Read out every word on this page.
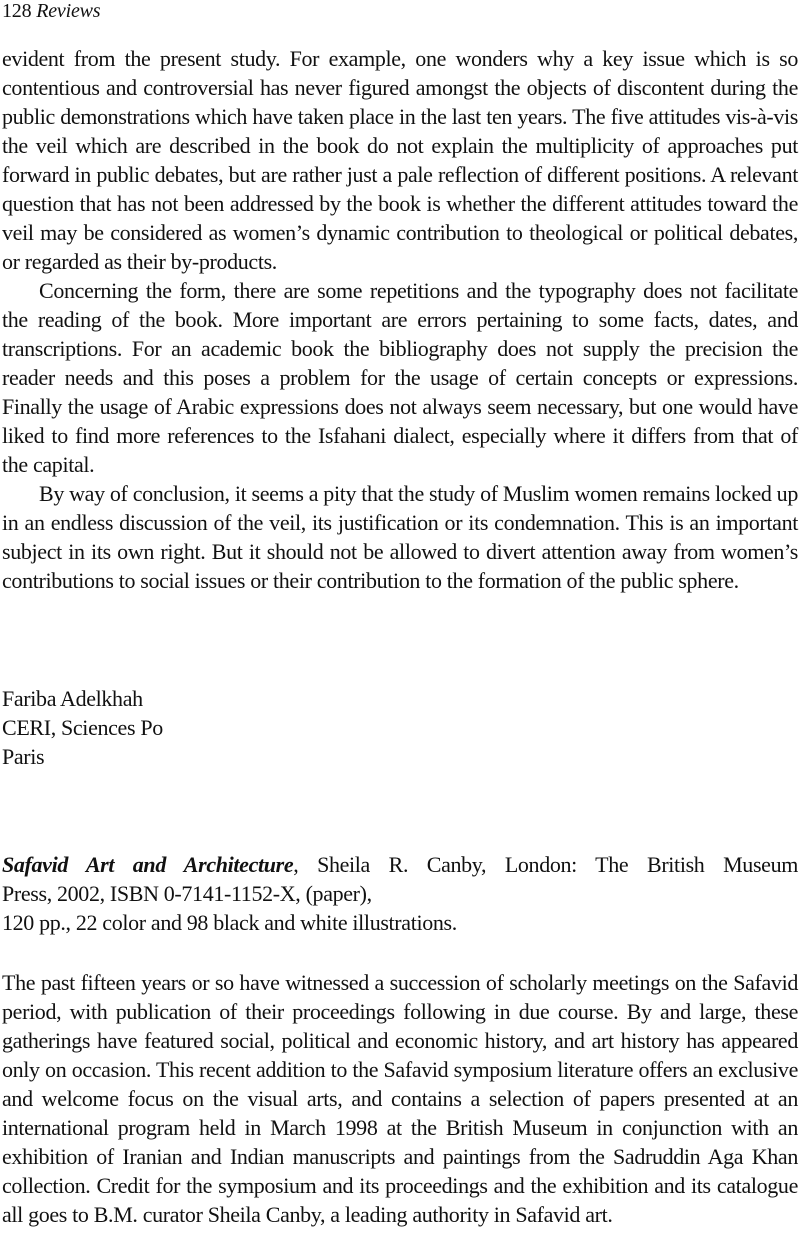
128 Reviews

evident from the present study. For example, one wonders why a key issue which is so contentious and controversial has never figured amongst the objects of discontent during the public demonstrations which have taken place in the last ten years. The five attitudes vis-à-vis the veil which are described in the book do not explain the multiplicity of approaches put forward in public debates, but are rather just a pale reflection of different positions. A relevant question that has not been addressed by the book is whether the different attitudes toward the veil may be considered as women’s dynamic contribution to theological or political debates, or regarded as their by-products.

Concerning the form, there are some repetitions and the typography does not facilitate the reading of the book. More important are errors pertaining to some facts, dates, and transcriptions. For an academic book the bibliography does not supply the precision the reader needs and this poses a problem for the usage of certain concepts or expressions. Finally the usage of Arabic expressions does not always seem necessary, but one would have liked to find more references to the Isfahani dialect, especially where it differs from that of the capital.

By way of conclusion, it seems a pity that the study of Muslim women remains locked up in an endless discussion of the veil, its justification or its condemnation. This is an important subject in its own right. But it should not be allowed to divert attention away from women’s contributions to social issues or their contribution to the formation of the public sphere.

Fariba Adelkhah
CERI, Sciences Po
Paris
Safavid Art and Architecture, Sheila R. Canby, London: The British Museum
Press, 2002, ISBN 0-7141-1152-X, (paper),
120 pp., 22 color and 98 black and white illustrations.

The past fifteen years or so have witnessed a succession of scholarly meetings on the Safavid period, with publication of their proceedings following in due course. By and large, these gatherings have featured social, political and economic history, and art history has appeared only on occasion. This recent addition to the Safavid symposium literature offers an exclusive and welcome focus on the visual arts, and contains a selection of papers presented at an international program held in March 1998 at the British Museum in conjunction with an exhibition of Iranian and Indian manuscripts and paintings from the Sadruddin Aga Khan collection. Credit for the symposium and its proceedings and the exhibition and its catalogue all goes to B.M. curator Sheila Canby, a leading authority in Safavid art.
